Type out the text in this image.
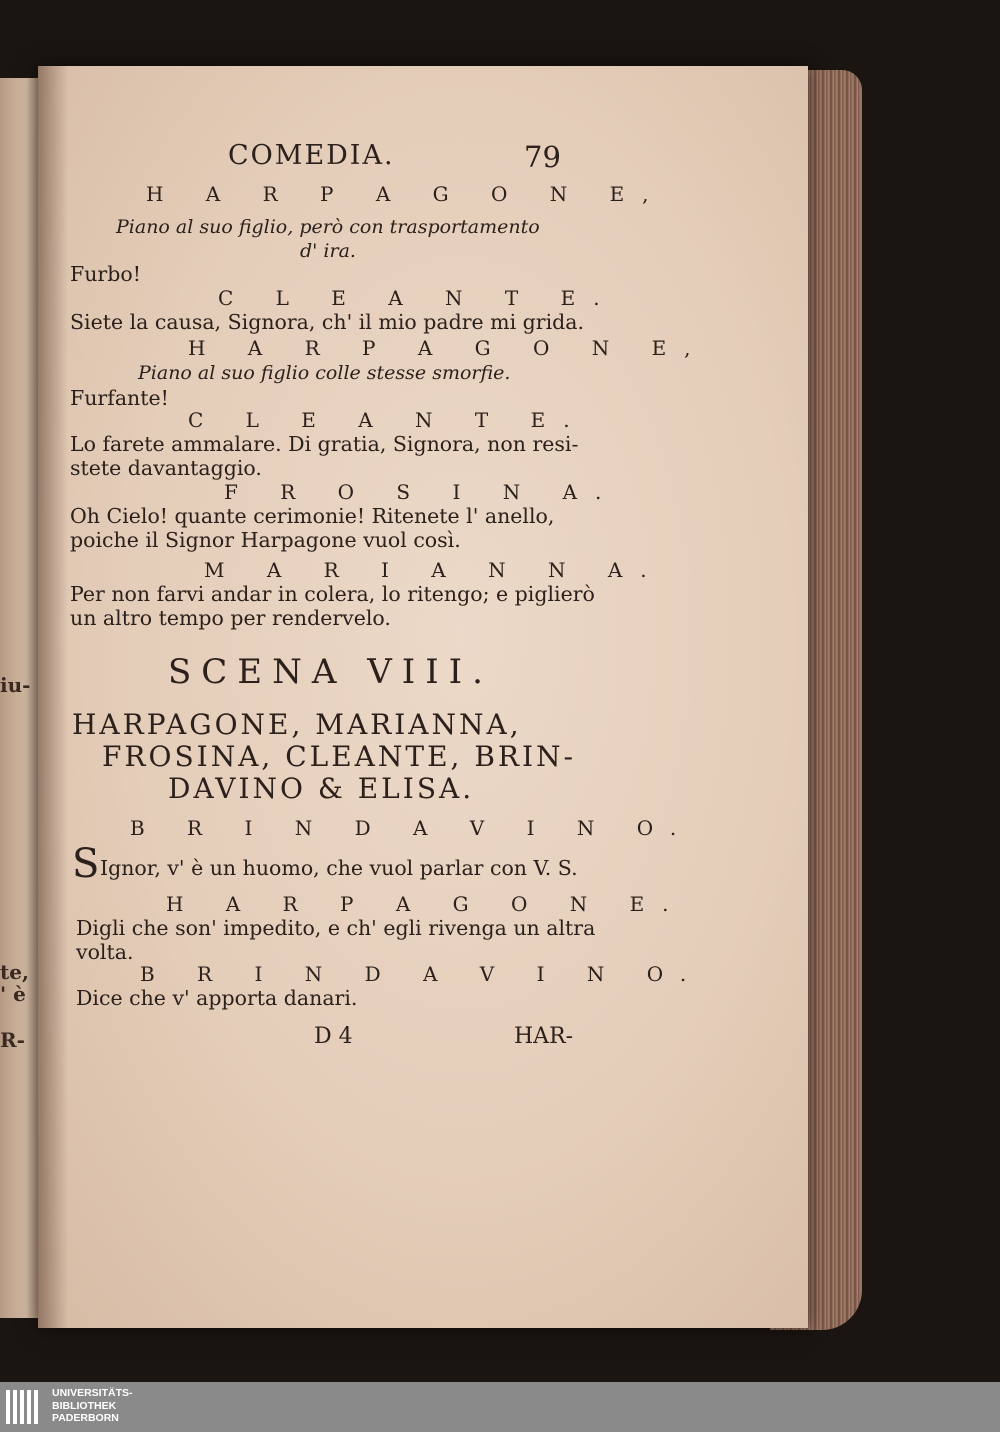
iu-
te,
' è
R-
COMEDIA.	79
H A R P A G O N E,
Piano al suo figlio, però con trasportamento
d' ira.
Furbo!
C L E A N T E.
Siete la causa, Signora, ch' il mio padre mi grida.
H A R P A G O N E,
Piano al suo figlio colle stesse smorfie.
Furfante!
C L E A N T E.
Lo farete ammalare. Di gratia, Signora, non resi-
stete davantaggio.
F R O S I N A.
Oh Cielo! quante cerimonie! Ritenete l' anello,
poiche il Signor Harpagone vuol così.
M A R I A N N A.
Per non farvi andar in colera, lo ritengo; e piglierò
un altro tempo per rendervelo.
SCENA VIII.
HARPAGONE, MARIANNA,
FROSINA, CLEANTE, BRIN-
DAVINO & ELISA.
B R I N D A V I N O.
S Ignor, v' è un huomo, che vuol parlar con V. S.
H A R P A G O N E.
Digli che son' impedito, e ch' egli rivenga un altra
volta.
B R I N D A V I N O.
Dice che v' apporta danari.
D 4	HAR-
UNIVERSITÄTS-
BIBLIOTHEK
PADERBORN
